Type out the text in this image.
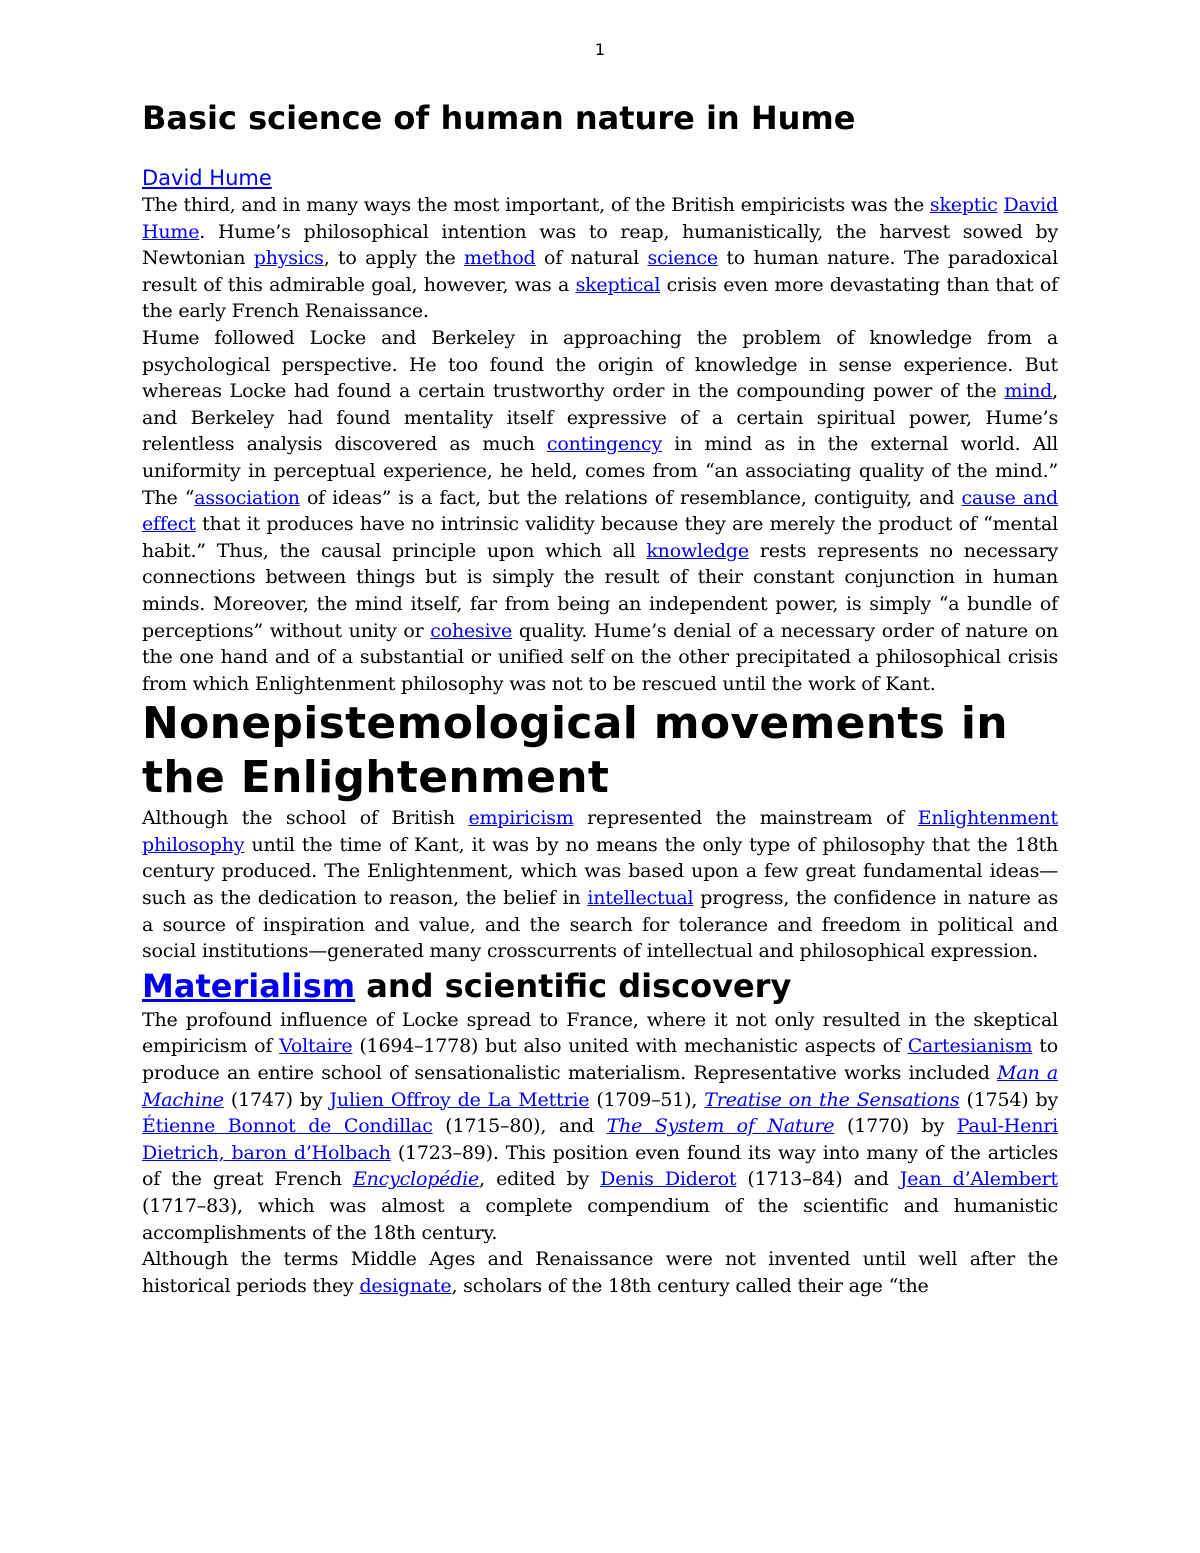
1
Basic science of human nature in Hume
David Hume

The third, and in many ways the most important, of the British empiricists was the skeptic David Hume. Hume’s philosophical intention was to reap, humanistically, the harvest sowed by Newtonian physics, to apply the method of natural science to human nature. The paradoxical result of this admirable goal, however, was a skeptical crisis even more devastating than that of the early French Renaissance.

Hume followed Locke and Berkeley in approaching the problem of knowledge from a psychological perspective. He too found the origin of knowledge in sense experience. But whereas Locke had found a certain trustworthy order in the compounding power of the mind, and Berkeley had found mentality itself expressive of a certain spiritual power, Hume’s relentless analysis discovered as much contingency in mind as in the external world. All uniformity in perceptual experience, he held, comes from “an associating quality of the mind.” The “association of ideas” is a fact, but the relations of resemblance, contiguity, and cause and effect that it produces have no intrinsic validity because they are merely the product of “mental habit.” Thus, the causal principle upon which all knowledge rests represents no necessary connections between things but is simply the result of their constant conjunction in human minds. Moreover, the mind itself, far from being an independent power, is simply “a bundle of perceptions” without unity or cohesive quality. Hume’s denial of a necessary order of nature on the one hand and of a substantial or unified self on the other precipitated a philosophical crisis from which Enlightenment philosophy was not to be rescued until the work of Kant.

Nonepistemological movements in the Enlightenment

Although the school of British empiricism represented the mainstream of Enlightenment philosophy until the time of Kant, it was by no means the only type of philosophy that the 18th century produced. The Enlightenment, which was based upon a few great fundamental ideas—such as the dedication to reason, the belief in intellectual progress, the confidence in nature as a source of inspiration and value, and the search for tolerance and freedom in political and social institutions—generated many crosscurrents of intellectual and philosophical expression.

Materialism and scientific discovery

The profound influence of Locke spread to France, where it not only resulted in the skeptical empiricism of Voltaire (1694–1778) but also united with mechanistic aspects of Cartesianism to produce an entire school of sensationalistic materialism. Representative works included Man a Machine (1747) by Julien Offroy de La Mettrie (1709–51), Treatise on the Sensations (1754) by Étienne Bonnot de Condillac (1715–80), and The System of Nature (1770) by Paul-Henri Dietrich, baron d’Holbach (1723–89). This position even found its way into many of the articles of the great French Encyclopédie, edited by Denis Diderot (1713–84) and Jean d’Alembert (1717–83), which was almost a complete compendium of the scientific and humanistic accomplishments of the 18th century.

Although the terms Middle Ages and Renaissance were not invented until well after the historical periods they designate, scholars of the 18th century called their age “the
